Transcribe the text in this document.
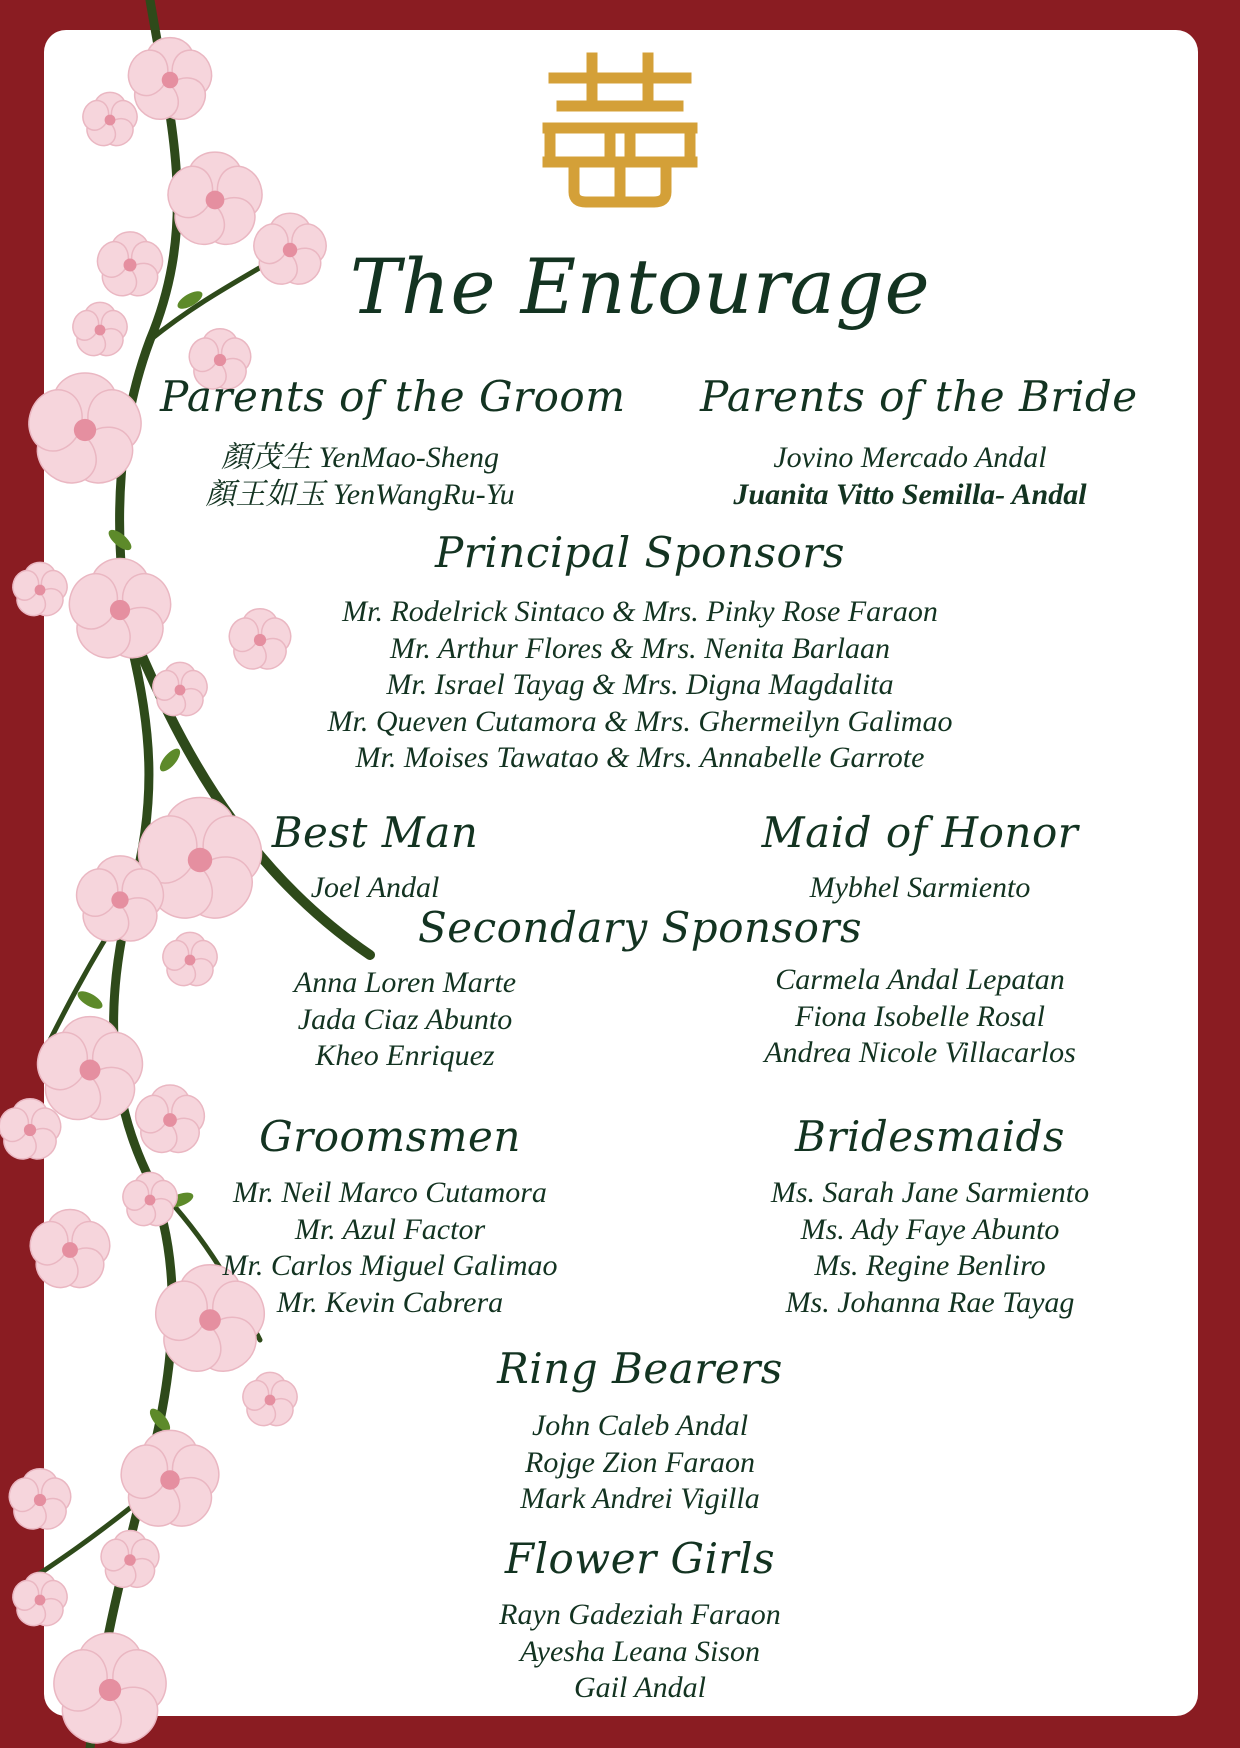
The Entourage
Parents of the Groom
顏茂生 YenMao-Sheng
顏王如玉 YenWangRu-Yu
Parents of the Bride
Jovino Mercado Andal
Juanita Vitto Semilla- Andal
Principal Sponsors
Mr. Rodelrick Sintaco & Mrs. Pinky Rose Faraon
Mr. Arthur Flores & Mrs. Nenita Barlaan
Mr. Israel Tayag & Mrs. Digna Magdalita
Mr. Queven Cutamora & Mrs. Ghermeilyn Galimao
Mr. Moises Tawatao & Mrs. Annabelle Garrote
Best Man
Joel Andal
Maid of Honor
Mybhel Sarmiento
Secondary Sponsors
Anna Loren Marte
Jada Ciaz Abunto
Kheo Enriquez
Carmela Andal Lepatan
Fiona Isobelle Rosal
Andrea Nicole Villacarlos
Groomsmen
Mr. Neil Marco Cutamora
Mr. Azul Factor
Mr. Carlos Miguel Galimao
Mr. Kevin Cabrera
Bridesmaids
Ms. Sarah Jane Sarmiento
Ms. Ady Faye Abunto
Ms. Regine Benliro
Ms. Johanna Rae Tayag
Ring Bearers
John Caleb Andal
Rojge Zion Faraon
Mark Andrei Vigilla
Flower Girls
Rayn Gadeziah Faraon
Ayesha Leana Sison
Gail Andal
